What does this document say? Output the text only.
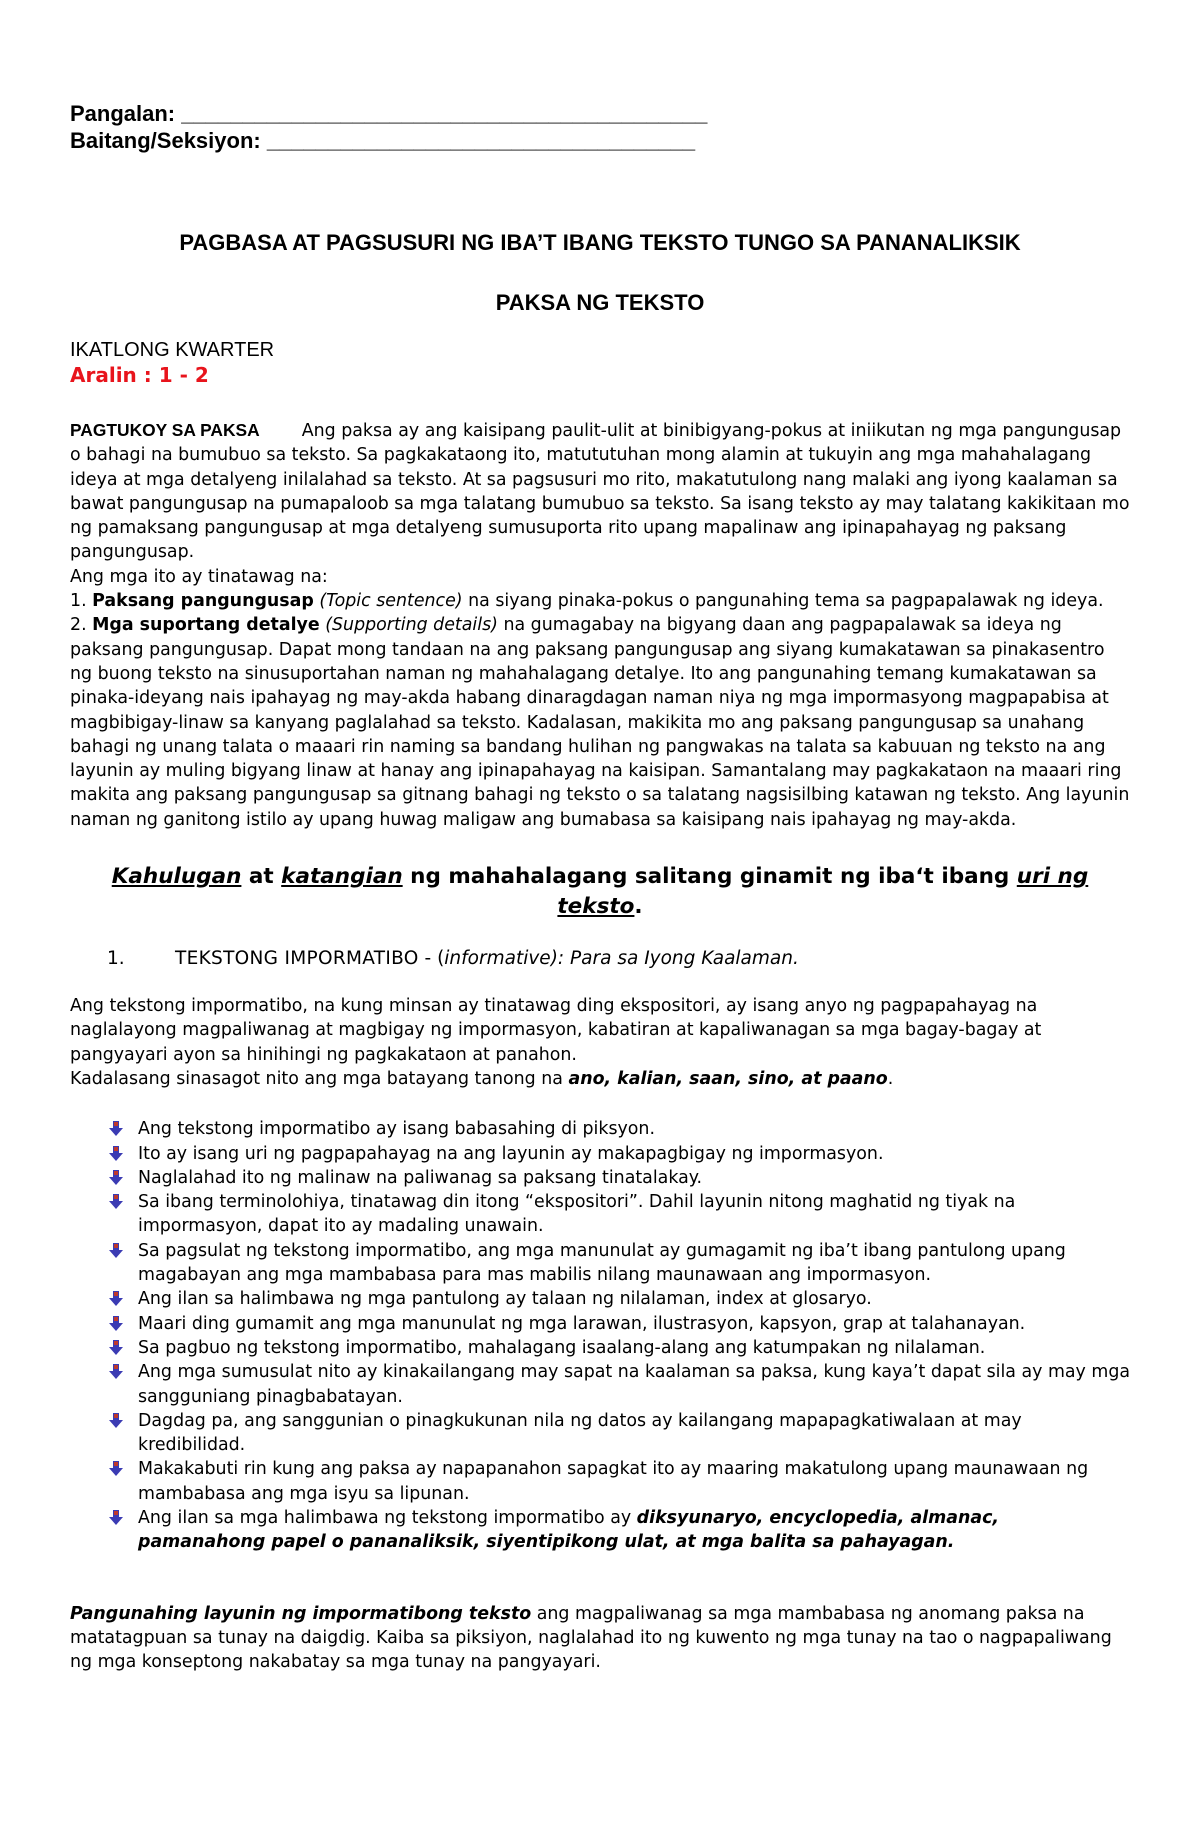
Pangalan: ___________________________________________
Baitang/Seksiyon: ___________________________________
PAGBASA AT PAGSUSURI NG IBA’T IBANG TEKSTO TUNGO SA PANANALIKSIK
PAKSA NG TEKSTO
IKATLONG KWARTER
Aralin : 1 - 2
PAGTUKOY SA PAKSA Ang paksa ay ang kaisipang paulit-ulit at binibigyang-pokus at iniikutan ng mga pangungusap o bahagi na bumubuo sa teksto. Sa pagkakataong ito, matututuhan mong alamin at tukuyin ang mga mahahalagang ideya at mga detalyeng inilalahad sa teksto. At sa pagsusuri mo rito, makatutulong nang malaki ang iyong kaalaman sa bawat pangungusap na pumapaloob sa mga talatang bumubuo sa teksto. Sa isang teksto ay may talatang kakikitaan mo ng pamaksang pangungusap at mga detalyeng sumusuporta rito upang mapalinaw ang ipinapahayag ng paksang pangungusap.
Ang mga ito ay tinatawag na:
1. Paksang pangungusap (Topic sentence) na siyang pinaka-pokus o pangunahing tema sa pagpapalawak ng ideya.
2. Mga suportang detalye (Supporting details) na gumagabay na bigyang daan ang pagpapalawak sa ideya ng paksang pangungusap. Dapat mong tandaan na ang paksang pangungusap ang siyang kumakatawan sa pinakasentro ng buong teksto na sinusuportahan naman ng mahahalagang detalye. Ito ang pangunahing temang kumakatawan sa pinaka-ideyang nais ipahayag ng may-akda habang dinaragdagan naman niya ng mga impormasyong magpapabisa at magbibigay-linaw sa kanyang paglalahad sa teksto. Kadalasan, makikita mo ang paksang pangungusap sa unahang bahagi ng unang talata o maaari rin naming sa bandang hulihan ng pangwakas na talata sa kabuuan ng teksto na ang layunin ay muling bigyang linaw at hanay ang ipinapahayag na kaisipan. Samantalang may pagkakataon na maaari ring makita ang paksang pangungusap sa gitnang bahagi ng teksto o sa talatang nagsisilbing katawan ng teksto. Ang layunin naman ng ganitong istilo ay upang huwag maligaw ang bumabasa sa kaisipang nais ipahayag ng may-akda.
Kahulugan at katangian ng mahahalagang salitang ginamit ng iba‘t ibang uri ng teksto.
1.	TEKSTONG IMPORMATIBO - (informative): Para sa Iyong Kaalaman.
Ang tekstong impormatibo, na kung minsan ay tinatawag ding ekspositori, ay isang anyo ng pagpapahayag na naglalayong magpaliwanag at magbigay ng impormasyon, kabatiran at kapaliwanagan sa mga bagay-bagay at pangyayari ayon sa hinihingi ng pagkakataon at panahon.
Kadalasang sinasagot nito ang mga batayang tanong na ano, kalian, saan, sino, at paano.
Ang tekstong impormatibo ay isang babasahing di piksyon.
Ito ay isang uri ng pagpapahayag na ang layunin ay makapagbigay ng impormasyon.
Naglalahad ito ng malinaw na paliwanag sa paksang tinatalakay.
Sa ibang terminolohiya, tinatawag din itong “ekspositori”. Dahil layunin nitong maghatid ng tiyak na impormasyon, dapat ito ay madaling unawain.
Sa pagsulat ng tekstong impormatibo, ang mga manunulat ay gumagamit ng iba’t ibang pantulong upang magabayan ang mga mambabasa para mas mabilis nilang maunawaan ang impormasyon.
Ang ilan sa halimbawa ng mga pantulong ay talaan ng nilalaman, index at glosaryo.
Maari ding gumamit ang mga manunulat ng mga larawan, ilustrasyon, kapsyon, grap at talahanayan.
Sa pagbuo ng tekstong impormatibo, mahalagang isaalang-alang ang katumpakan ng nilalaman.
Ang mga sumusulat nito ay kinakailangang may sapat na kaalaman sa paksa, kung kaya’t dapat sila ay may mga sangguniang pinagbabatayan.
Dagdag pa, ang sanggunian o pinagkukunan nila ng datos ay kailangang mapapagkatiwalaan at may kredibilidad.
Makakabuti rin kung ang paksa ay napapanahon sapagkat ito ay maaring makatulong upang maunawaan ng mambabasa ang mga isyu sa lipunan.
Ang ilan sa mga halimbawa ng tekstong impormatibo ay diksyunaryo, encyclopedia, almanac, pamanahong papel o pananaliksik, siyentipikong ulat, at mga balita sa pahayagan.
Pangunahing layunin ng impormatibong teksto ang magpaliwanag sa mga mambabasa ng anomang paksa na matatagpuan sa tunay na daigdig. Kaiba sa piksiyon, naglalahad ito ng kuwento ng mga tunay na tao o nagpapaliwang ng mga konseptong nakabatay sa mga tunay na pangyayari.
